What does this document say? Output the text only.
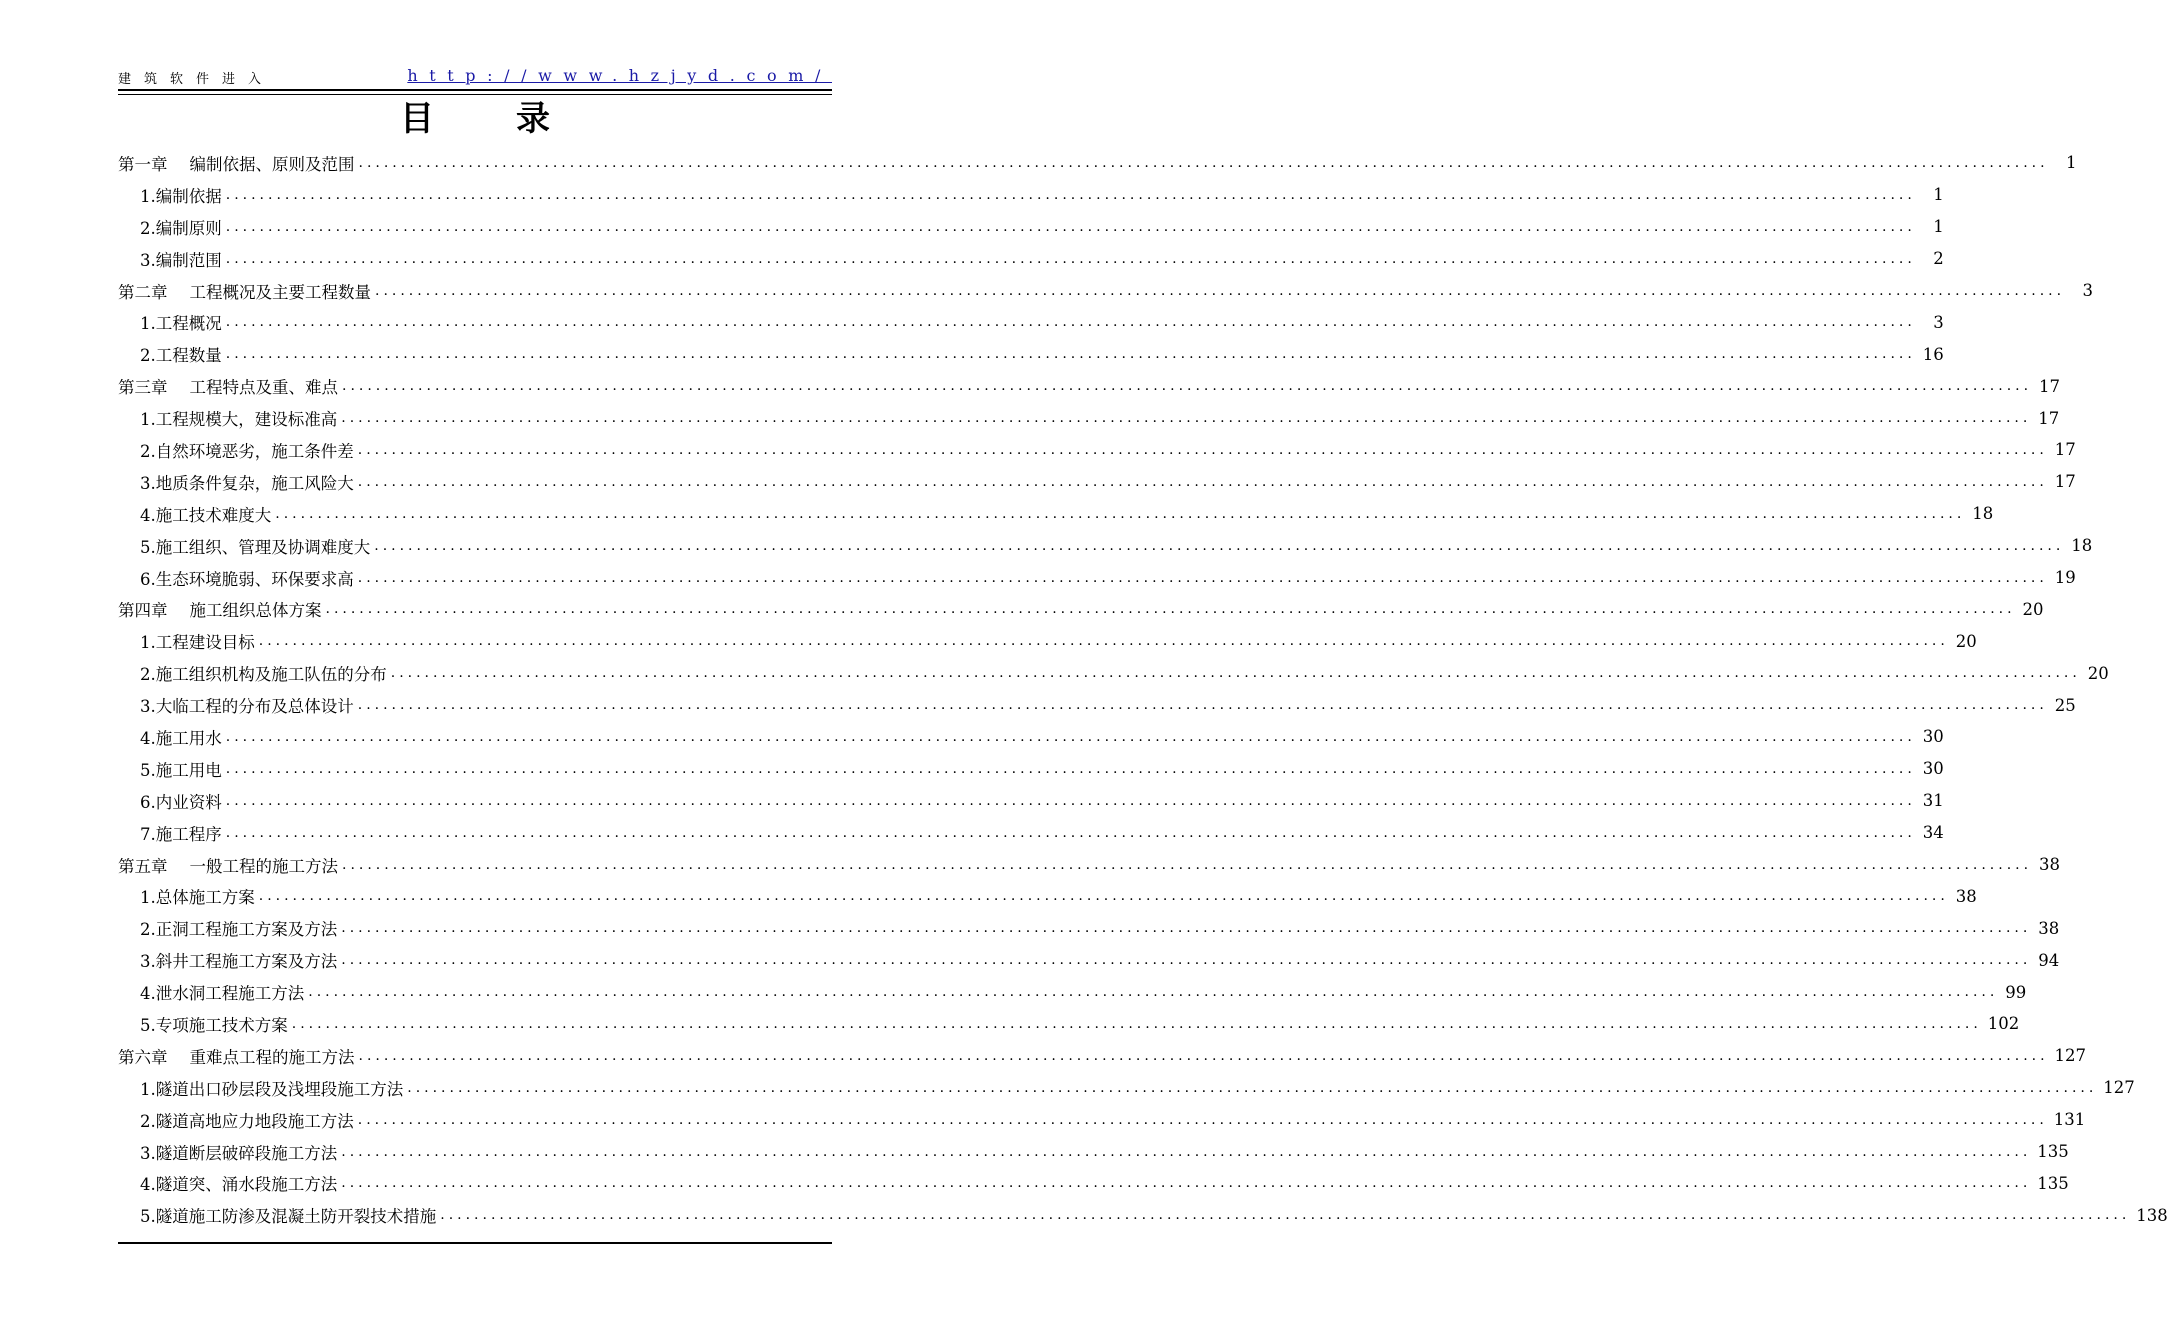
建筑软件进入	http://www.hzjyd.com/
目录
第一章 编制依据、原则及范围 ........................................................................................................................................................................................................	1
1.编制依据 ........................................................................................................................................................................................................	1
2.编制原则 ........................................................................................................................................................................................................	1
3.编制范围 ........................................................................................................................................................................................................	2
第二章 工程概况及主要工程数量 ........................................................................................................................................................................................................	3
1.工程概况 ........................................................................................................................................................................................................	3
2.工程数量 ........................................................................................................................................................................................................ 16
第三章 工程特点及重、难点 ........................................................................................................................................................................................................ 17
1.工程规模大，建设标准高 ........................................................................................................................................................................................................ 17
2.自然环境恶劣，施工条件差 ........................................................................................................................................................................................................ 17
3.地质条件复杂，施工风险大 ........................................................................................................................................................................................................ 17
4.施工技术难度大 ........................................................................................................................................................................................................ 18
5.施工组织、管理及协调难度大 ........................................................................................................................................................................................................ 18
6.生态环境脆弱、环保要求高 ........................................................................................................................................................................................................ 19
第四章 施工组织总体方案 ........................................................................................................................................................................................................ 20
1.工程建设目标 ........................................................................................................................................................................................................ 20
2.施工组织机构及施工队伍的分布 ........................................................................................................................................................................................................ 20
3.大临工程的分布及总体设计 ........................................................................................................................................................................................................ 25
4.施工用水 ........................................................................................................................................................................................................ 30
5.施工用电 ........................................................................................................................................................................................................ 30
6.内业资料 ........................................................................................................................................................................................................ 31
7.施工程序 ........................................................................................................................................................................................................ 34
第五章 一般工程的施工方法 ........................................................................................................................................................................................................ 38
1.总体施工方案 ........................................................................................................................................................................................................ 38
2.正洞工程施工方案及方法 ........................................................................................................................................................................................................ 38
3.斜井工程施工方案及方法 ........................................................................................................................................................................................................ 94
4.泄水洞工程施工方法 ........................................................................................................................................................................................................ 99
5.专项施工技术方案 ........................................................................................................................................................................................................ 102
第六章 重难点工程的施工方法 ........................................................................................................................................................................................................ 127
1.隧道出口砂层段及浅埋段施工方法 ........................................................................................................................................................................................................ 127
2.隧道高地应力地段施工方法 ........................................................................................................................................................................................................ 131
3.隧道断层破碎段施工方法 ........................................................................................................................................................................................................ 135
4.隧道突、涌水段施工方法 ........................................................................................................................................................................................................ 135
5.隧道施工防渗及混凝土防开裂技术措施 ........................................................................................................................................................................................................ 138
